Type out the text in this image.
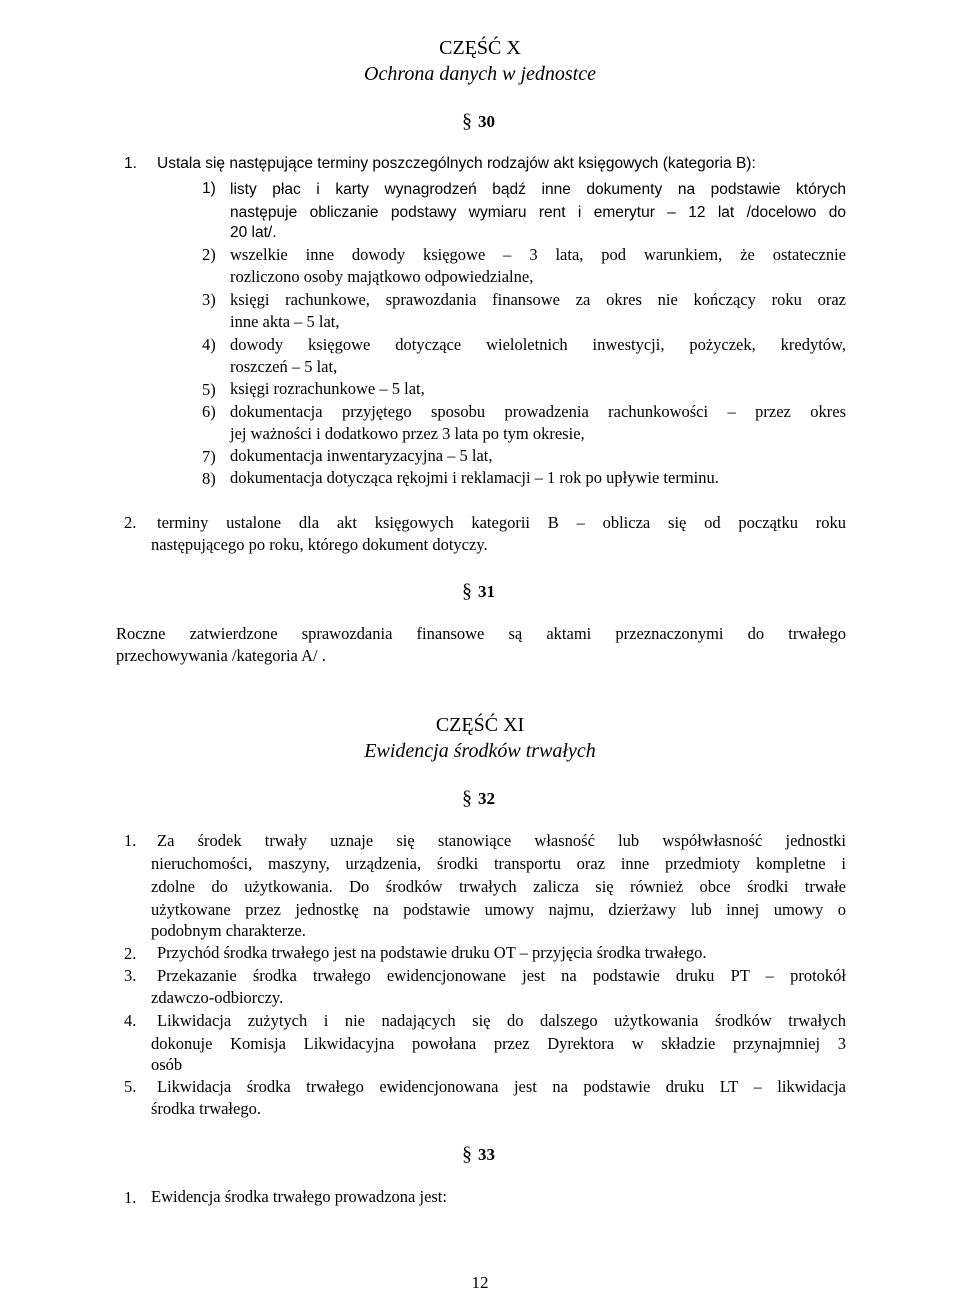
CZĘŚĆ X
Ochrona danych w jednostce
§ 30
1. Ustala się następujące terminy poszczególnych rodzajów akt księgowych (kategoria B):
1) listy płac i karty wynagrodzeń bądź inne dokumenty na podstawie których
następuje obliczanie podstawy wymiaru rent i emerytur – 12 lat /docelowo do
20 lat/.
2) wszelkie inne dowody księgowe – 3 lata, pod warunkiem, że ostatecznie
rozliczono osoby majątkowo odpowiedzialne,
3) księgi rachunkowe, sprawozdania finansowe za okres nie kończący roku oraz
inne akta – 5 lat,
4) dowody księgowe dotyczące wieloletnich inwestycji, pożyczek, kredytów,
roszczeń – 5 lat,
5) księgi rozrachunkowe – 5 lat,
6) dokumentacja przyjętego sposobu prowadzenia rachunkowości – przez okres
jej ważności i dodatkowo przez 3 lata po tym okresie,
7) dokumentacja inwentaryzacyjna – 5 lat,
8) dokumentacja dotycząca rękojmi i reklamacji – 1 rok po upływie terminu.
2. terminy ustalone dla akt księgowych kategorii B – oblicza się od początku roku
następującego po roku, którego dokument dotyczy.
§ 31
Roczne zatwierdzone sprawozdania finansowe są aktami przeznaczonymi do trwałego
przechowywania /kategoria A/ .
CZĘŚĆ XI
Ewidencja środków trwałych
§ 32
1. Za środek trwały uznaje się stanowiące własność lub współwłasność jednostki
nieruchomości, maszyny, urządzenia, środki transportu oraz inne przedmioty kompletne i
zdolne do użytkowania. Do środków trwałych zalicza się również obce środki trwałe
użytkowane przez jednostkę na podstawie umowy najmu, dzierżawy lub innej umowy o
podobnym charakterze.
2. Przychód środka trwałego jest na podstawie druku OT – przyjęcia środka trwałego.
3. Przekazanie środka trwałego ewidencjonowane jest na podstawie druku PT – protokół
zdawczo-odbiorczy.
4. Likwidacja zużytych i nie nadających się do dalszego użytkowania środków trwałych
dokonuje Komisja Likwidacyjna powołana przez Dyrektora w składzie przynajmniej 3
osób
5. Likwidacja środka trwałego ewidencjonowana jest na podstawie druku LT – likwidacja
środka trwałego.
§ 33
1. Ewidencja środka trwałego prowadzona jest:
12
